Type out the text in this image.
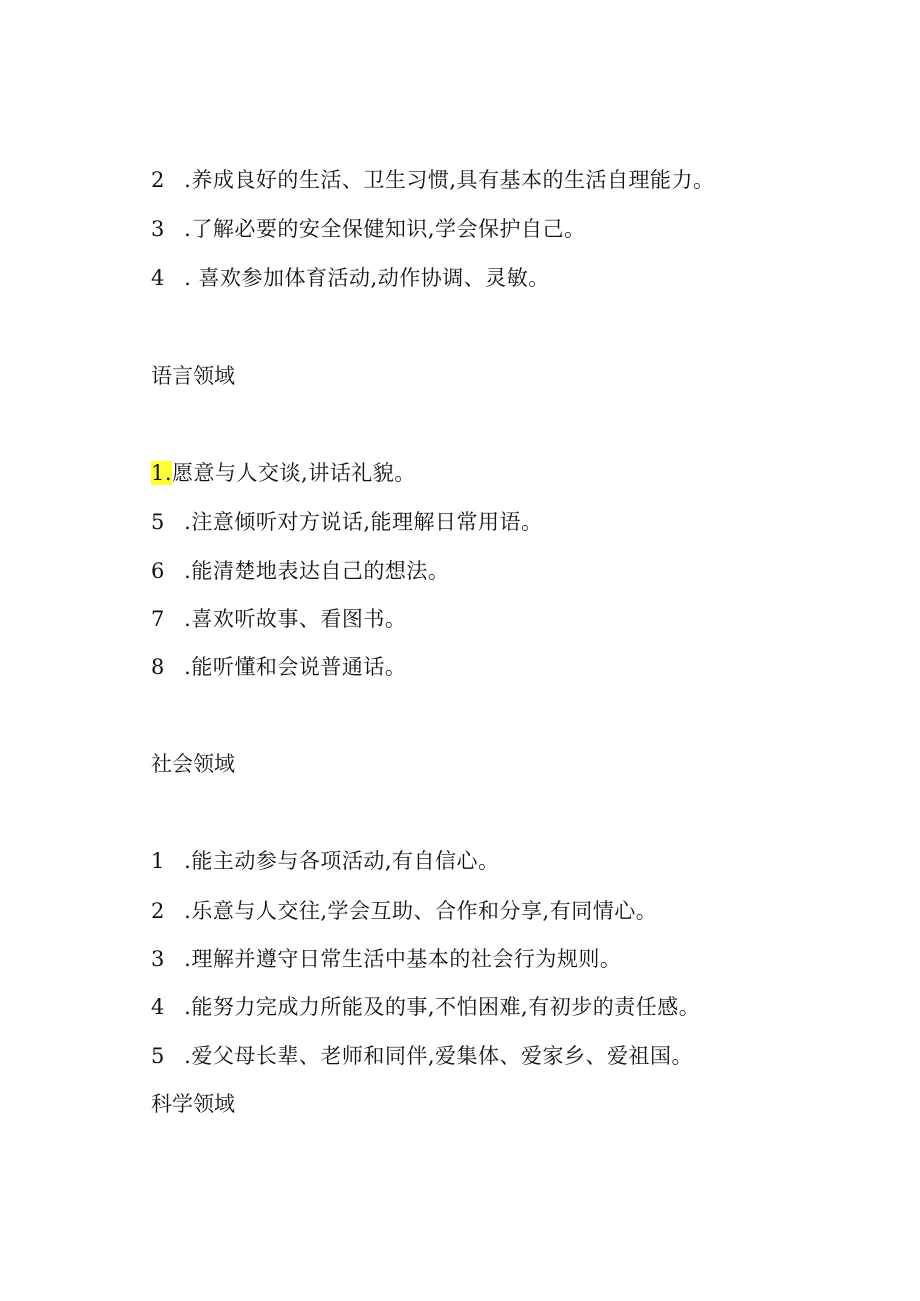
2 .养成良好的生活、卫生习惯,具有基本的生活自理能力。
3 .了解必要的安全保健知识,学会保护自己。
4 . 喜欢参加体育活动,动作协调、灵敏。
语言领域
1.愿意与人交谈,讲话礼貌。
5 .注意倾听对方说话,能理解日常用语。
6 .能清楚地表达自己的想法。
7 .喜欢听故事、看图书。
8 .能听懂和会说普通话。
社会领域
1 .能主动参与各项活动,有自信心。
2 .乐意与人交往,学会互助、合作和分享,有同情心。
3 .理解并遵守日常生活中基本的社会行为规则。
4 .能努力完成力所能及的事,不怕困难,有初步的责任感。
5 .爱父母长辈、老师和同伴,爱集体、爱家乡、爱祖国。
科学领域
